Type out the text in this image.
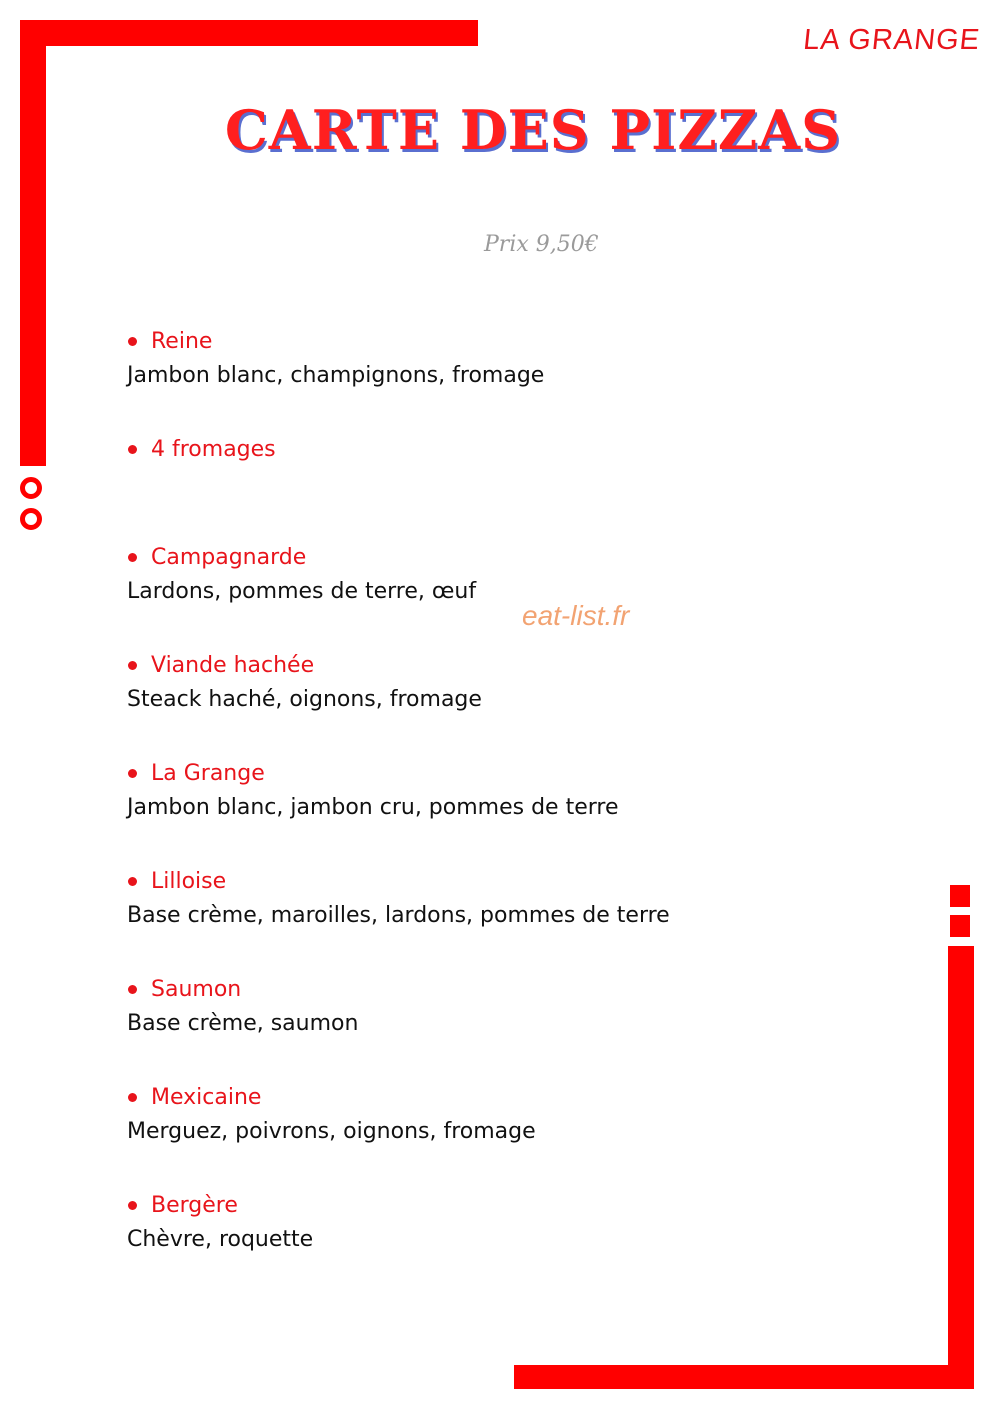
LA GRANGE
CARTE DES PIZZAS
Prix 9,50€
eat-list.fr
Reine
Jambon blanc, champignons, fromage
4 fromages
Campagnarde
Lardons, pommes de terre, œuf
Viande hachée
Steack haché, oignons, fromage
La Grange
Jambon blanc, jambon cru, pommes de terre
Lilloise
Base crème, maroilles, lardons, pommes de terre
Saumon
Base crème, saumon
Mexicaine
Merguez, poivrons, oignons, fromage
Bergère
Chèvre, roquette
